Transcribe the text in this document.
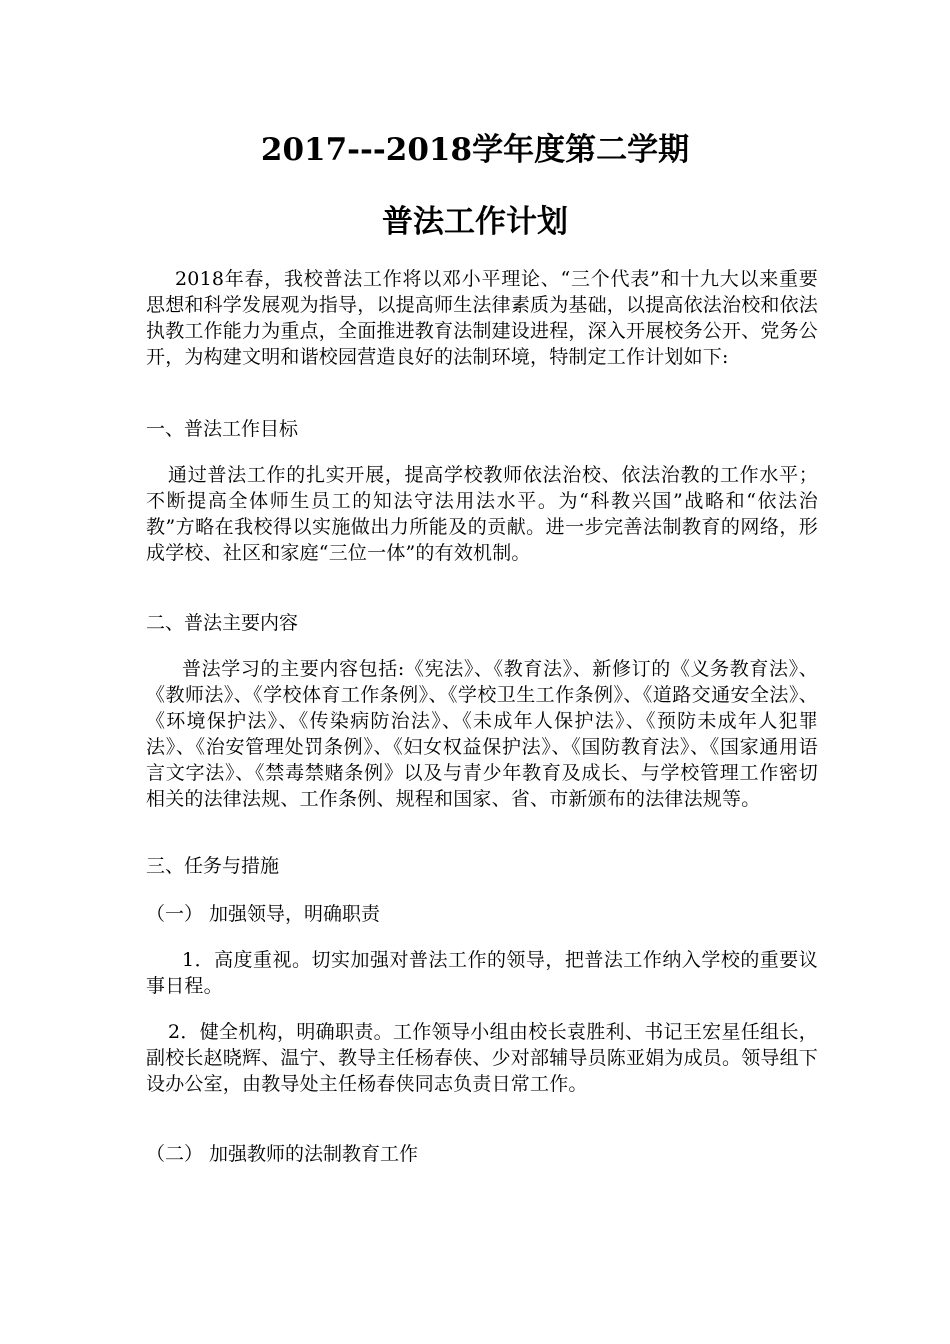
2017---2018学年度第二学期
普法工作计划

2018年春，我校普法工作将以邓小平理论、“三个代表”和十九大以来重要思想和科学发展观为指导，以提高师生法律素质为基础，以提高依法治校和依法执教工作能力为重点，全面推进教育法制建设进程，深入开展校务公开、党务公开，为构建文明和谐校园营造良好的法制环境，特制定工作计划如下:

一、普法工作目标

通过普法工作的扎实开展，提高学校教师依法治校、依法治教的工作水平；不断提高全体师生员工的知法守法用法水平。为“科教兴国”战略和“依法治教”方略在我校得以实施做出力所能及的贡献。进一步完善法制教育的网络，形成学校、社区和家庭“三位一体”的有效机制。

二、普法主要内容

普法学习的主要内容包括:《宪法》、《教育法》、新修订的《义务教育法》、《教师法》、《学校体育工作条例》、《学校卫生工作条例》、《道路交通安全法》、《环境保护法》、《传染病防治法》、《未成年人保护法》、《预防未成年人犯罪法》、《治安管理处罚条例》、《妇女权益保护法》、《国防教育法》、《国家通用语言文字法》、《禁毒禁赌条例》以及与青少年教育及成长、与学校管理工作密切相关的法律法规、工作条例、规程和国家、省、市新颁布的法律法规等。

三、任务与措施
（一） 加强领导，明确职责

1．高度重视。切实加强对普法工作的领导，把普法工作纳入学校的重要议事日程。

2．健全机构，明确职责。工作领导小组由校长袁胜利、书记王宏星任组长，副校长赵晓辉、温宁、教导主任杨春侠、少对部辅导员陈亚娟为成员。领导组下设办公室，由教导处主任杨春侠同志负责日常工作。

（二） 加强教师的法制教育工作
